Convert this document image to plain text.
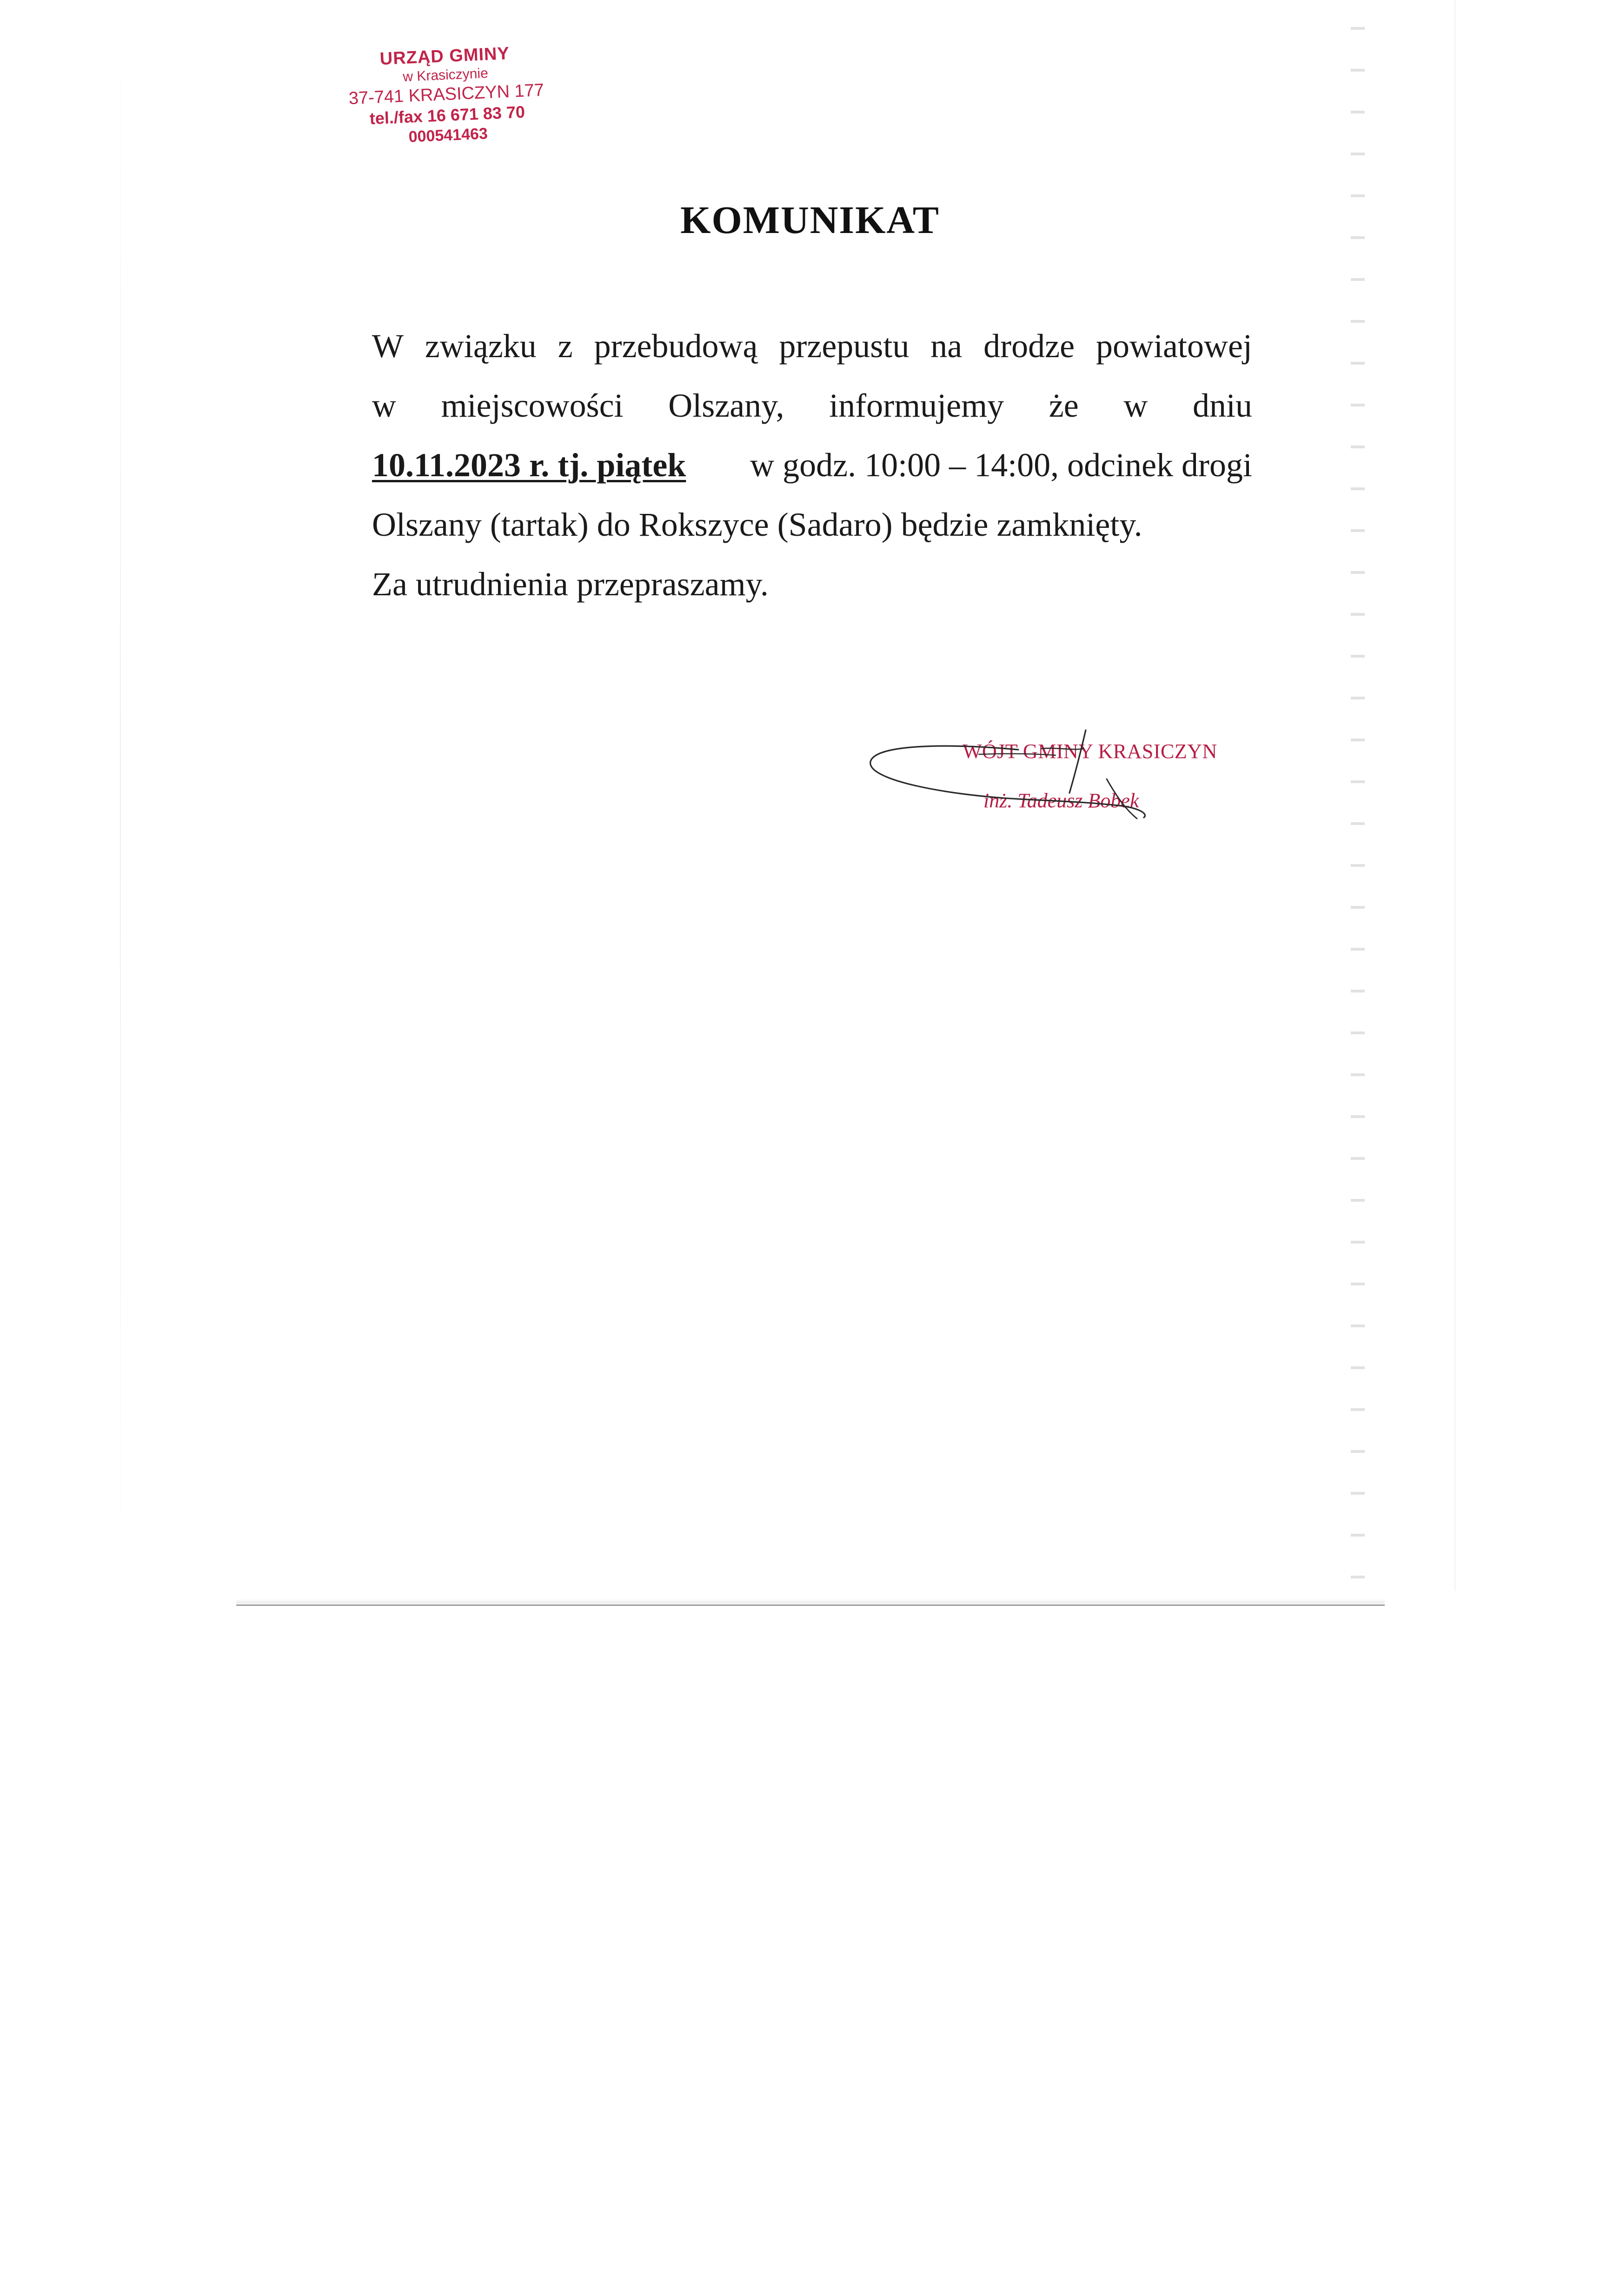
URZĄD GMINY
w Krasiczynie
37-741 KRASICZYN 177
tel./fax 16 671 83 70
000541463
KOMUNIKAT
W związku z przebudową przepustu na drodze powiatowej
w miejscowości Olszany, informujemy że w dniu
10.11.2023 r. tj. piątek w godz. 10:00 – 14:00, odcinek drogi
Olszany (tartak) do Rokszyce (Sadaro) będzie zamknięty.
Za utrudnienia przepraszamy.
WÓJT GMINY KRASICZYN
inż. Tadeusz Bobek
